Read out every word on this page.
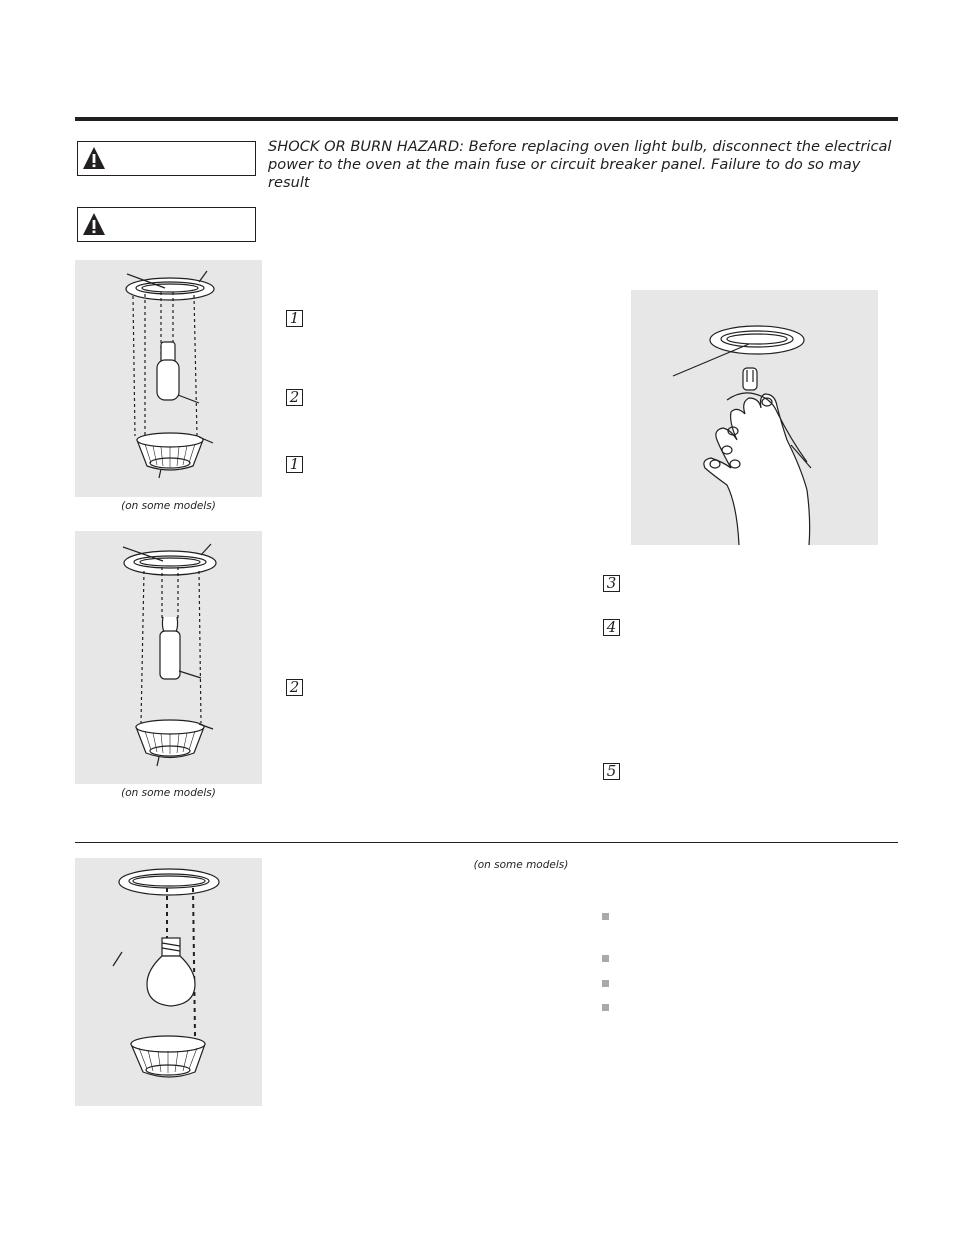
SHOCK OR BURN HAZARD: Before replacing oven light bulb, disconnect the electrical power to the oven at the main fuse or circuit breaker panel. Failure to do so may result
(on some models)
(on some models)
1
2
1
2
3
4
5
(on some models)
